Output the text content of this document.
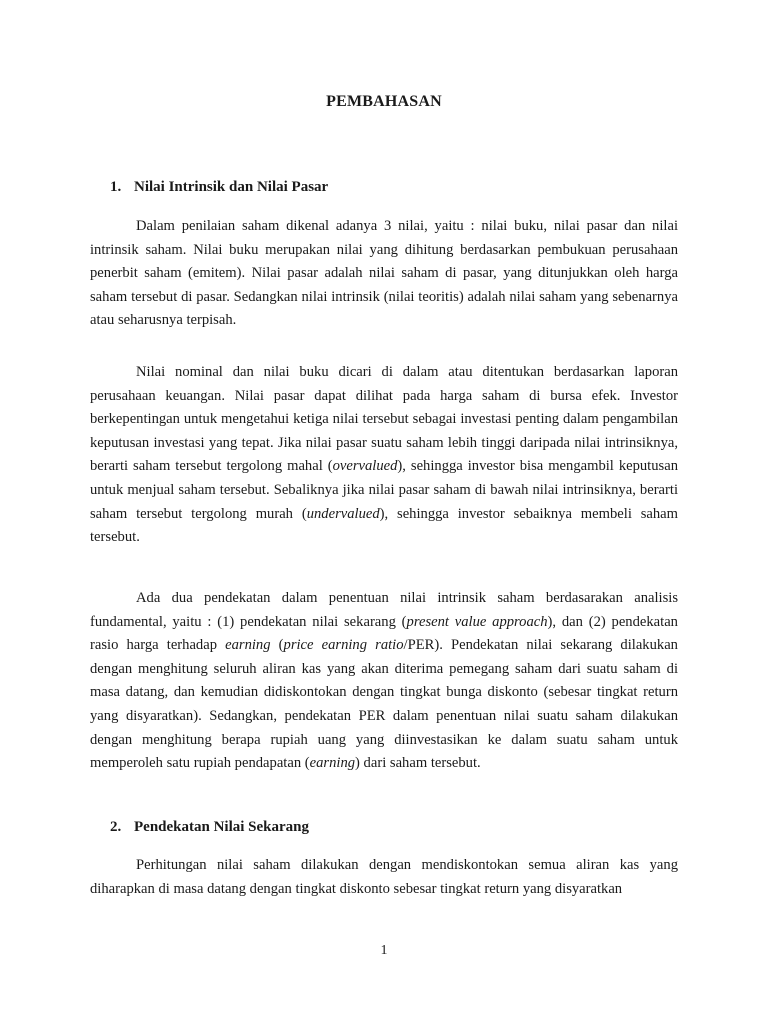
PEMBAHASAN
1. Nilai Intrinsik dan Nilai Pasar

Dalam penilaian saham dikenal adanya 3 nilai, yaitu : nilai buku, nilai pasar dan nilai intrinsik saham. Nilai buku merupakan nilai yang dihitung berdasarkan pembukuan perusahaan penerbit saham (emitem). Nilai pasar adalah nilai saham di pasar, yang ditunjukkan oleh harga saham tersebut di pasar. Sedangkan nilai intrinsik (nilai teoritis) adalah nilai saham yang sebenarnya atau seharusnya terpisah.

Nilai nominal dan nilai buku dicari di dalam atau ditentukan berdasarkan laporan perusahaan keuangan. Nilai pasar dapat dilihat pada harga saham di bursa efek. Investor berkepentingan untuk mengetahui ketiga nilai tersebut sebagai investasi penting dalam pengambilan keputusan investasi yang tepat. Jika nilai pasar suatu saham lebih tinggi daripada nilai intrinsiknya, berarti saham tersebut tergolong mahal (overvalued), sehingga investor bisa mengambil keputusan untuk menjual saham tersebut. Sebaliknya jika nilai pasar saham di bawah nilai intrinsiknya, berarti saham tersebut tergolong murah (undervalued), sehingga investor sebaiknya membeli saham tersebut.

Ada dua pendekatan dalam penentuan nilai intrinsik saham berdasarakan analisis fundamental, yaitu : (1) pendekatan nilai sekarang (present value approach), dan (2) pendekatan rasio harga terhadap earning (price earning ratio/PER). Pendekatan nilai sekarang dilakukan dengan menghitung seluruh aliran kas yang akan diterima pemegang saham dari suatu saham di masa datang, dan kemudian didiskontokan dengan tingkat bunga diskonto (sebesar tingkat return yang disyaratkan). Sedangkan, pendekatan PER dalam penentuan nilai suatu saham dilakukan dengan menghitung berapa rupiah uang yang diinvestasikan ke dalam suatu saham untuk memperoleh satu rupiah pendapatan (earning) dari saham tersebut.

2. Pendekatan Nilai Sekarang

Perhitungan nilai saham dilakukan dengan mendiskontokan semua aliran kas yang diharapkan di masa datang dengan tingkat diskonto sebesar tingkat return yang disyaratkan

1
